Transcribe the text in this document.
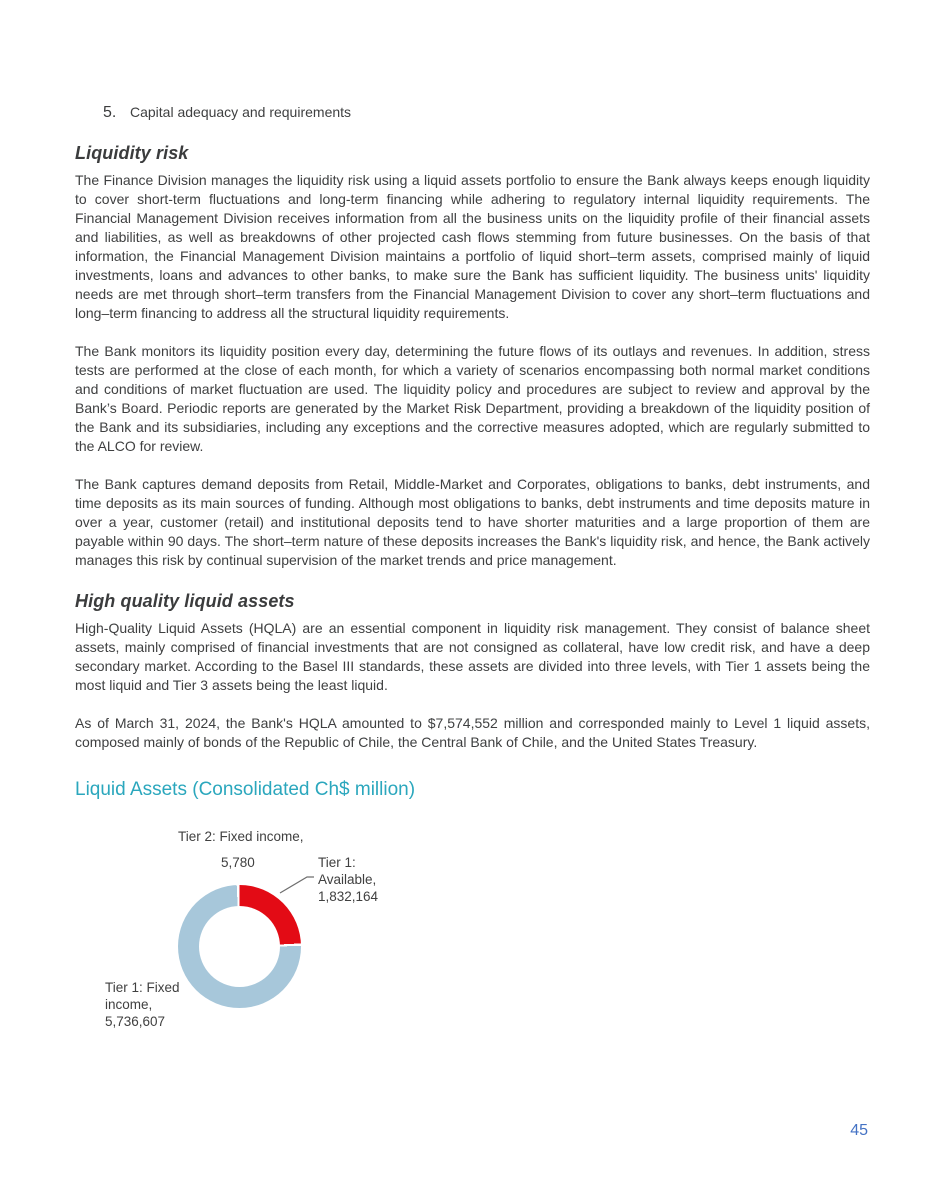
5. Capital adequacy and requirements
Liquidity risk

The Finance Division manages the liquidity risk using a liquid assets portfolio to ensure the Bank always keeps enough liquidity to cover short-term fluctuations and long-term financing while adhering to regulatory internal liquidity requirements. The Financial Management Division receives information from all the business units on the liquidity profile of their financial assets and liabilities, as well as breakdowns of other projected cash flows stemming from future businesses. On the basis of that information, the Financial Management Division maintains a portfolio of liquid short–term assets, comprised mainly of liquid investments, loans and advances to other banks, to make sure the Bank has sufficient liquidity. The business units' liquidity needs are met through short–term transfers from the Financial Management Division to cover any short–term fluctuations and long–term financing to address all the structural liquidity requirements.

The Bank monitors its liquidity position every day, determining the future flows of its outlays and revenues. In addition, stress tests are performed at the close of each month, for which a variety of scenarios encompassing both normal market conditions and conditions of market fluctuation are used. The liquidity policy and procedures are subject to review and approval by the Bank’s Board. Periodic reports are generated by the Market Risk Department, providing a breakdown of the liquidity position of the Bank and its subsidiaries, including any exceptions and the corrective measures adopted, which are regularly submitted to the ALCO for review.

The Bank captures demand deposits from Retail, Middle-Market and Corporates, obligations to banks, debt instruments, and time deposits as its main sources of funding. Although most obligations to banks, debt instruments and time deposits mature in over a year, customer (retail) and institutional deposits tend to have shorter maturities and a large proportion of them are payable within 90 days. The short–term nature of these deposits increases the Bank's liquidity risk, and hence, the Bank actively manages this risk by continual supervision of the market trends and price management.

High quality liquid assets

High-Quality Liquid Assets (HQLA) are an essential component in liquidity risk management. They consist of balance sheet assets, mainly comprised of financial investments that are not consigned as collateral, have low credit risk, and have a deep secondary market. According to the Basel III standards, these assets are divided into three levels, with Tier 1 assets being the most liquid and Tier 3 assets being the least liquid.

As of March 31, 2024, the Bank's HQLA amounted to $7,574,552 million and corresponded mainly to Level 1 liquid assets, composed mainly of bonds of the Republic of Chile, the Central Bank of Chile, and the United States Treasury.

Liquid Assets (Consolidated Ch$ million)
Tier 2: Fixed income,
5,780	Tier 1:
Available,
1,832,164
Tier 1: Fixed
income,
5,736,607
45
